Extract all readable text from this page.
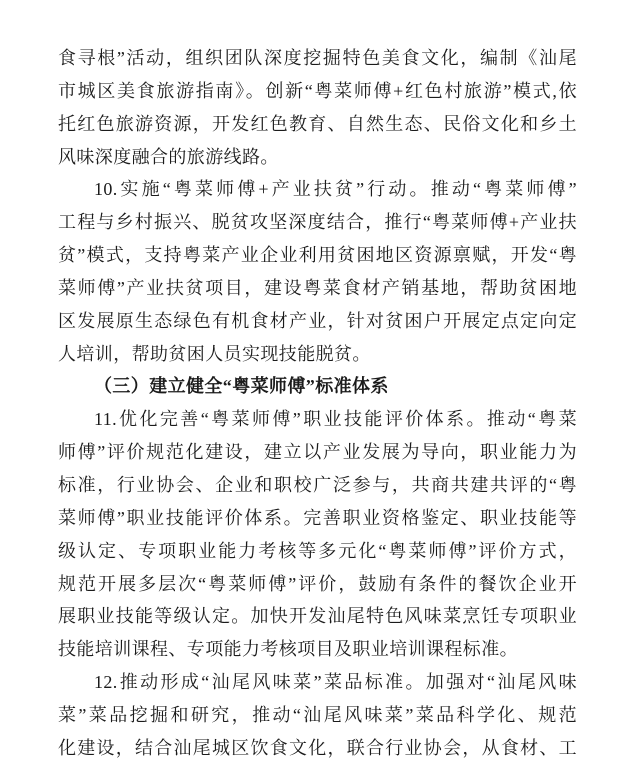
食寻根”活动，组织团队深度挖掘特色美食文化，编制《汕尾
市城区美食旅游指南》。创新“粤菜师傅+红色村旅游”模式,依
托红色旅游资源，开发红色教育、自然生态、民俗文化和乡土
风味深度融合的旅游线路。
10.实施“粤菜师傅+产业扶贫”行动。推动“粤菜师傅”
工程与乡村振兴、脱贫攻坚深度结合，推行“粤菜师傅+产业扶
贫”模式，支持粤菜产业企业利用贫困地区资源禀赋，开发“粤
菜师傅”产业扶贫项目，建设粤菜食材产销基地，帮助贫困地
区发展原生态绿色有机食材产业，针对贫困户开展定点定向定
人培训，帮助贫困人员实现技能脱贫。
（三）建立健全“粤菜师傅”标准体系
11.优化完善“粤菜师傅”职业技能评价体系。推动“粤菜
师傅”评价规范化建设，建立以产业发展为导向，职业能力为
标准，行业协会、企业和职校广泛参与，共商共建共评的“粤
菜师傅”职业技能评价体系。完善职业资格鉴定、职业技能等
级认定、专项职业能力考核等多元化“粤菜师傅”评价方式，
规范开展多层次“粤菜师傅”评价，鼓励有条件的餐饮企业开
展职业技能等级认定。加快开发汕尾特色风味菜烹饪专项职业
技能培训课程、专项能力考核项目及职业培训课程标准。
12.推动形成“汕尾风味菜”菜品标准。加强对“汕尾风味
菜”菜品挖掘和研究，推动“汕尾风味菜”菜品科学化、规范
化建设，结合汕尾城区饮食文化，联合行业协会，从食材、工
